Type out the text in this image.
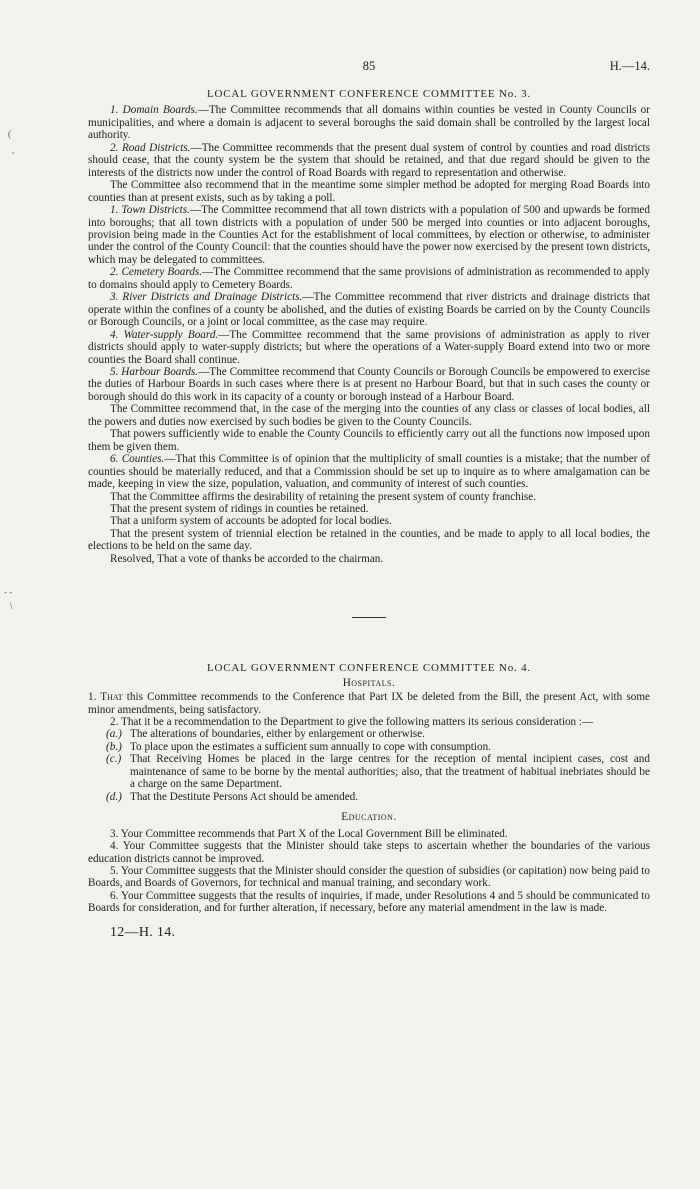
(
,
- -
\
85	H.—14.
LOCAL GOVERNMENT CONFERENCE COMMITTEE No. 3.

1. Domain Boards.—The Committee recommends that all domains within counties be vested in County Councils or municipalities, and where a domain is adjacent to several boroughs the said domain shall be controlled by the largest local authority.

2. Road Districts.—The Committee recommends that the present dual system of control by counties and road districts should cease, that the county system be the system that should be retained, and that due regard should be given to the interests of the districts now under the control of Road Boards with regard to representation and otherwise.

The Committee also recommend that in the meantime some simpler method be adopted for merging Road Boards into counties than at present exists, such as by taking a poll.

1. Town Districts.—The Committee recommend that all town districts with a population of 500 and upwards be formed into boroughs; that all town districts with a population of under 500 be merged into counties or into adjacent boroughs, provision being made in the Counties Act for the establishment of local committees, by election or otherwise, to administer under the control of the County Council: that the counties should have the power now exercised by the present town districts, which may be delegated to committees.

2. Cemetery Boards.—The Committee recommend that the same provisions of administration as recommended to apply to domains should apply to Cemetery Boards.

3. River Districts and Drainage Districts.—The Committee recommend that river districts and drainage districts that operate within the confines of a county be abolished, and the duties of existing Boards be carried on by the County Councils or Borough Councils, or a joint or local committee, as the case may require.

4. Water-supply Board.—The Committee recommend that the same provisions of administration as apply to river districts should apply to water-supply districts; but where the operations of a Water-supply Board extend into two or more counties the Board shall continue.

5. Harbour Boards.—The Committee recommend that County Councils or Borough Councils be empowered to exercise the duties of Harbour Boards in such cases where there is at present no Harbour Board, but that in such cases the county or borough should do this work in its capacity of a county or borough instead of a Harbour Board.

The Committee recommend that, in the case of the merging into the counties of any class or classes of local bodies, all the powers and duties now exercised by such bodies be given to the County Councils.

That powers sufficiently wide to enable the County Councils to efficiently carry out all the functions now imposed upon them be given them.

6. Counties.—That this Committee is of opinion that the multiplicity of small counties is a mistake; that the number of counties should be materially reduced, and that a Commission should be set up to inquire as to where amalgamation can be made, keeping in view the size, population, valuation, and community of interest of such counties.

That the Committee affirms the desirability of retaining the present system of county franchise.

That the present system of ridings in counties be retained.

That a uniform system of accounts be adopted for local bodies.

That the present system of triennial election be retained in the counties, and be made to apply to all local bodies, the elections to be held on the same day.

Resolved, That a vote of thanks be accorded to the chairman.

LOCAL GOVERNMENT CONFERENCE COMMITTEE No. 4.
Hospitals.

1. That this Committee recommends to the Conference that Part IX be deleted from the Bill, the present Act, with some minor amendments, being satisfactory.

2. That it be a recommendation to the Department to give the following matters its serious consideration :—

(a.) The alterations of boundaries, either by enlargement or otherwise.
(b.) To place upon the estimates a sufficient sum annually to cope with consumption.
(c.) That Receiving Homes be placed in the large centres for the reception of mental incipient cases, cost and maintenance of same to be borne by the mental authorities; also, that the treatment of habitual inebriates should be a charge on the same Department.
(d.) That the Destitute Persons Act should be amended.
Education.

3. Your Committee recommends that Part X of the Local Government Bill be eliminated.

4. Your Committee suggests that the Minister should take steps to ascertain whether the boundaries of the various education districts cannot be improved.

5. Your Committee suggests that the Minister should consider the question of subsidies (or capitation) now being paid to Boards, and Boards of Governors, for technical and manual training, and secondary work.

6. Your Committee suggests that the results of inquiries, if made, under Resolutions 4 and 5 should be communicated to Boards for consideration, and for further alteration, if necessary, before any material amendment in the law is made.

12—H. 14.
